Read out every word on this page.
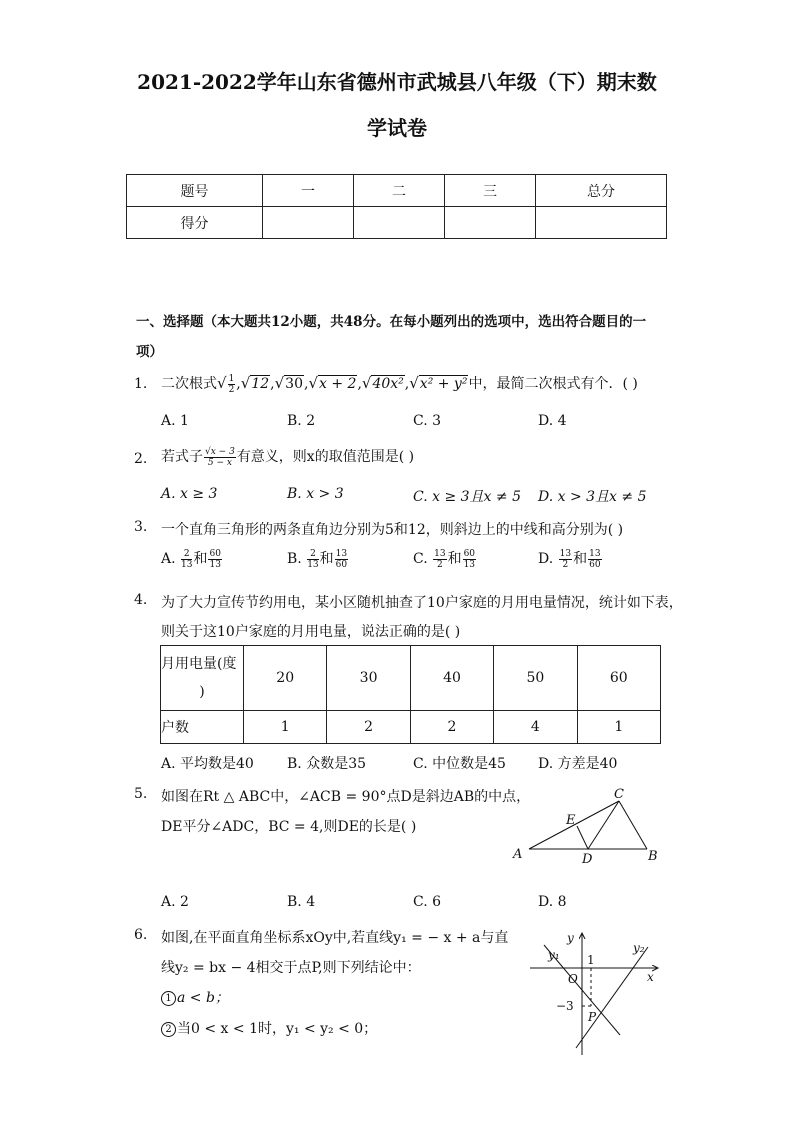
2021-2022学年山东省德州市武城县八年级（下）期末数
学试卷
题号	一	二	三	总分
得分				
一、选择题（本大题共12小题，共48分。在每小题列出的选项中，选出符合题目的一
项）
1. 二次根式√ $\frac{1}{2} ,√12,√30,√x + 2,√40x^2,√x^2 + y^2$中，最简二次根式有个．( )
A. 1	B. 2	C. 3	D. 4
2. 若式子 $\frac{√x - 3}{5 - x}$ 有意义，则x的取值范围是( )
A. x ≥ 3	B. x > 3	C. x ≥ 3且x ≠ 5 D. x > 3且x ≠ 5
3. 一个直角三角形的两条直角边分别为5和12，则斜边上的中线和高分别为( )
A. $\frac{2}{13}$ 和 $\frac{60}{13}$	B. $\frac{2}{13}$ 和 $\frac{13}{60}$	C. $\frac{13}{2}$ 和 $\frac{60}{13}$	D. $\frac{13}{2}$ 和 $\frac{13}{60}$
4. 为了大力宣传节约用电，某小区随机抽查了10户家庭的月用电量情况，统计如下表，
则关于这10户家庭的月用电量，说法正确的是( )
月用电量(度
)	20	30	40	50	60
户数	1	2	2	4	1
A. 平均数是40 B. 众数是35	C. 中位数是45 D. 方差是40
5. 如图在Rt △ ABC中，∠ACB = 90°点D是斜边AB的中点，
DE平分∠ADC，BC = 4,则DE的长是( )
A	B
C
D
E
A. 2	B. 4	C. 6	D. 8
6. 如图,在平面直角坐标系xOy中,若直线y₁ = − x + a与直
线y₂ = bx − 4相交于点P,则下列结论中：
1 a < b；
2 当0 < x < 1时，y₁ < y₂ < 0；
y
x
O
1
−3
P
y₁	y₂
